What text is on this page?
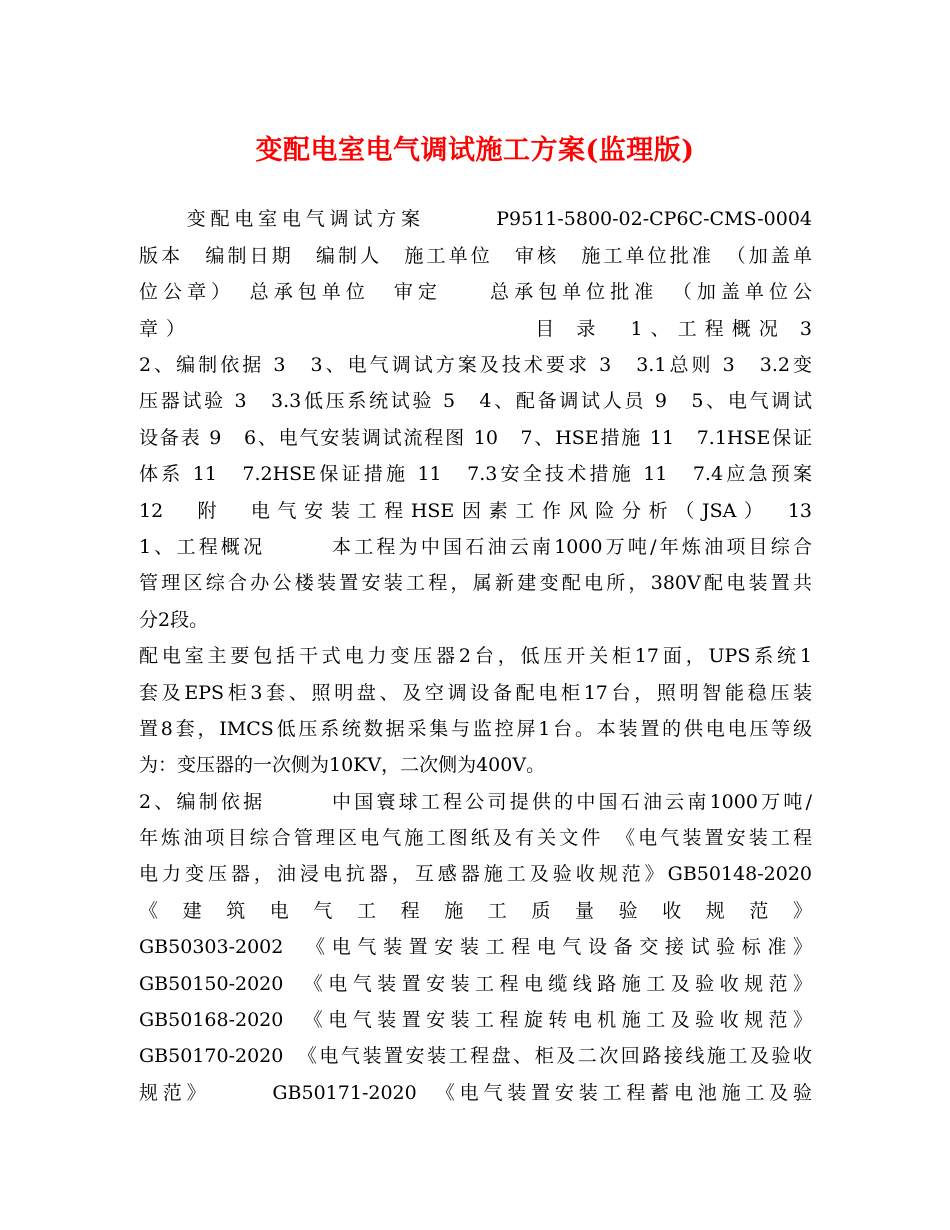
变配电室电气调试施工方案(监理版)
　　变配电室电气调试方案　　　P9511-5800-02-CP6C-CMS-0004
版本　编制日期　编制人　施工单位　审核　施工单位批准　（加盖单
位公章）　总承包单位　审定　　总承包单位批准　（加盖单位公
章）　　　　　　　　　　　　　目 录　1、工程概况 3
2、编制依据 3　3、电气调试方案及技术要求 3　3.1总则 3　3.2变
压器试验 3　3.3低压系统试验 5　4、配备调试人员 9　5、电气调试
设备表 9　6、电气安装调试流程图 10　7、HSE措施 11　7.1HSE保证
体系 11　7.2HSE保证措施 11　7.3安全技术措施 11　7.4应急预案
12　附　电气安装工程HSE因素工作风险分析（JSA）　13
1、工程概况　　　本工程为中国石油云南1000万吨/年炼油项目综合
管理区综合办公楼装置安装工程，属新建变配电所，380V配电装置共
分2段。
配电室主要包括干式电力变压器2台，低压开关柜17面，UPS系统1
套及EPS柜3套、照明盘、及空调设备配电柜17台，照明智能稳压装
置8套，IMCS低压系统数据采集与监控屏1台。本装置的供电电压等级
为：变压器的一次侧为10KV，二次侧为400V。
2、编制依据　　　中国寰球工程公司提供的中国石油云南1000万吨/
年炼油项目综合管理区电气施工图纸及有关文件　《电气装置安装工程
电力变压器，油浸电抗器，互感器施工及验收规范》GB50148-2020
《　建　筑　电　气　工　程　施　工　质　量　验　收　规　范　》
GB50303-2002　《电气装置安装工程电气设备交接试验标准》
GB50150-2020　《电气装置安装工程电缆线路施工及验收规范》
GB50168-2020　《电气装置安装工程旋转电机施工及验收规范》
GB50170-2020　《电气装置安装工程盘、柜及二次回路接线施工及验收
规范》　　　GB50171-2020　《电气装置安装工程蓄电池施工及验
